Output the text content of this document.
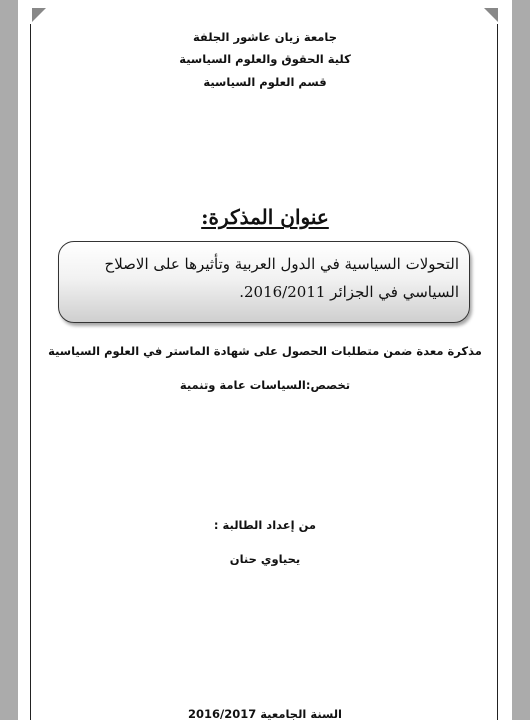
جامعة زيان عاشور الجلفة
كلية الحقوق والعلوم السياسية
قسم العلوم السياسية
عنوان المذكرة:
التحولات السياسية في الدول العربية وتأثيرها على الاصلاح
السياسي في الجزائر 2016/2011.
مذكرة معدة ضمن متطلبات الحصول على شهادة الماستر في العلوم السياسية
تخصص:السياسات عامة وتنمية
من إعداد الطالبة :
يحياوي حنان
السنة الجامعية 2016/2017
